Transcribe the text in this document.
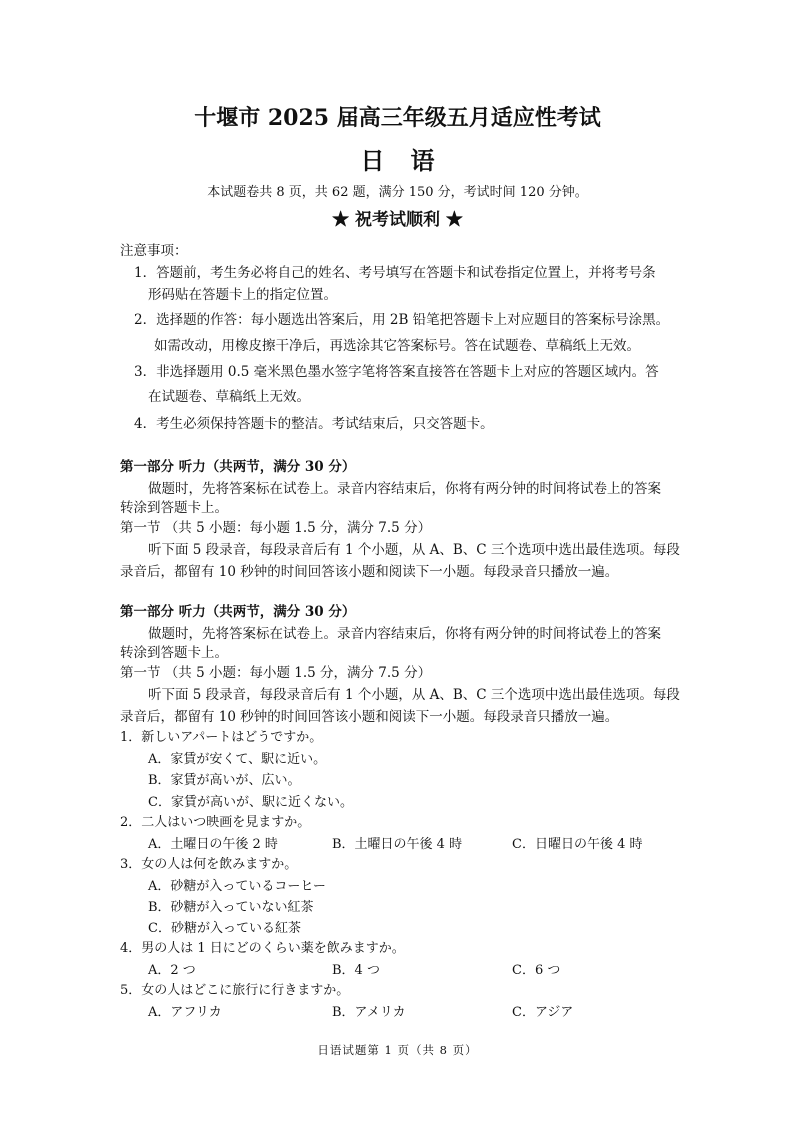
十堰市 2025 届高三年级五月适应性考试
日语
本试题卷共 8 页，共 62 题，满分 150 分，考试时间 120 分钟。
★ 祝考试顺利 ★
注意事项：
1．答题前，考生务必将自己的姓名、考号填写在答题卡和试卷指定位置上，并将考号条
形码贴在答题卡上的指定位置。
2．选择题的作答：每小题选出答案后，用 2B 铅笔把答题卡上对应题目的答案标号涂黑。
如需改动，用橡皮擦干净后，再选涂其它答案标号。答在试题卷、草稿纸上无效。
3．非选择题用 0.5 毫米黑色墨水签字笔将答案直接答在答题卡上对应的答题区域内。答
在试题卷、草稿纸上无效。
4．考生必须保持答题卡的整洁。考试结束后，只交答题卡。
第一部分 听力（共两节，满分 30 分）
做题时，先将答案标在试卷上。录音内容结束后，你将有两分钟的时间将试卷上的答案
转涂到答题卡上。
第一节 （共 5 小题：每小题 1.5 分，满分 7.5 分）
听下面 5 段录音，每段录音后有 1 个小题，从 A、B、C 三个选项中选出最佳选项。每段
录音后，都留有 10 秒钟的时间回答该小题和阅读下一小题。每段录音只播放一遍。
第一部分 听力（共两节，满分 30 分）
做题时，先将答案标在试卷上。录音内容结束后，你将有两分钟的时间将试卷上的答案
转涂到答题卡上。
第一节 （共 5 小题：每小题 1.5 分，满分 7.5 分）
听下面 5 段录音，每段录音后有 1 个小题，从 A、B、C 三个选项中选出最佳选项。每段
录音后，都留有 10 秒钟的时间回答该小题和阅读下一小题。每段录音只播放一遍。
1．新しいアパートはどうですか。
A．家賃が安くて、駅に近い。
B．家賃が高いが、広い。
C．家賃が高いが、駅に近くない。
2．二人はいつ映画を見ますか。
A．土曜日の午後 2 時	B．土曜日の午後 4 時	C．日曜日の午後 4 時
3．女の人は何を飲みますか。
A．砂糖が入っているコーヒー
B．砂糖が入っていない紅茶
C．砂糖が入っている紅茶
4．男の人は 1 日にどのくらい薬を飲みますか。
A．2 つ	B．4 つ	C．6 つ
5．女の人はどこに旅行に行きますか。
A．アフリカ	B．アメリカ	C．アジア
日语试题第 1 页（共 8 页）
